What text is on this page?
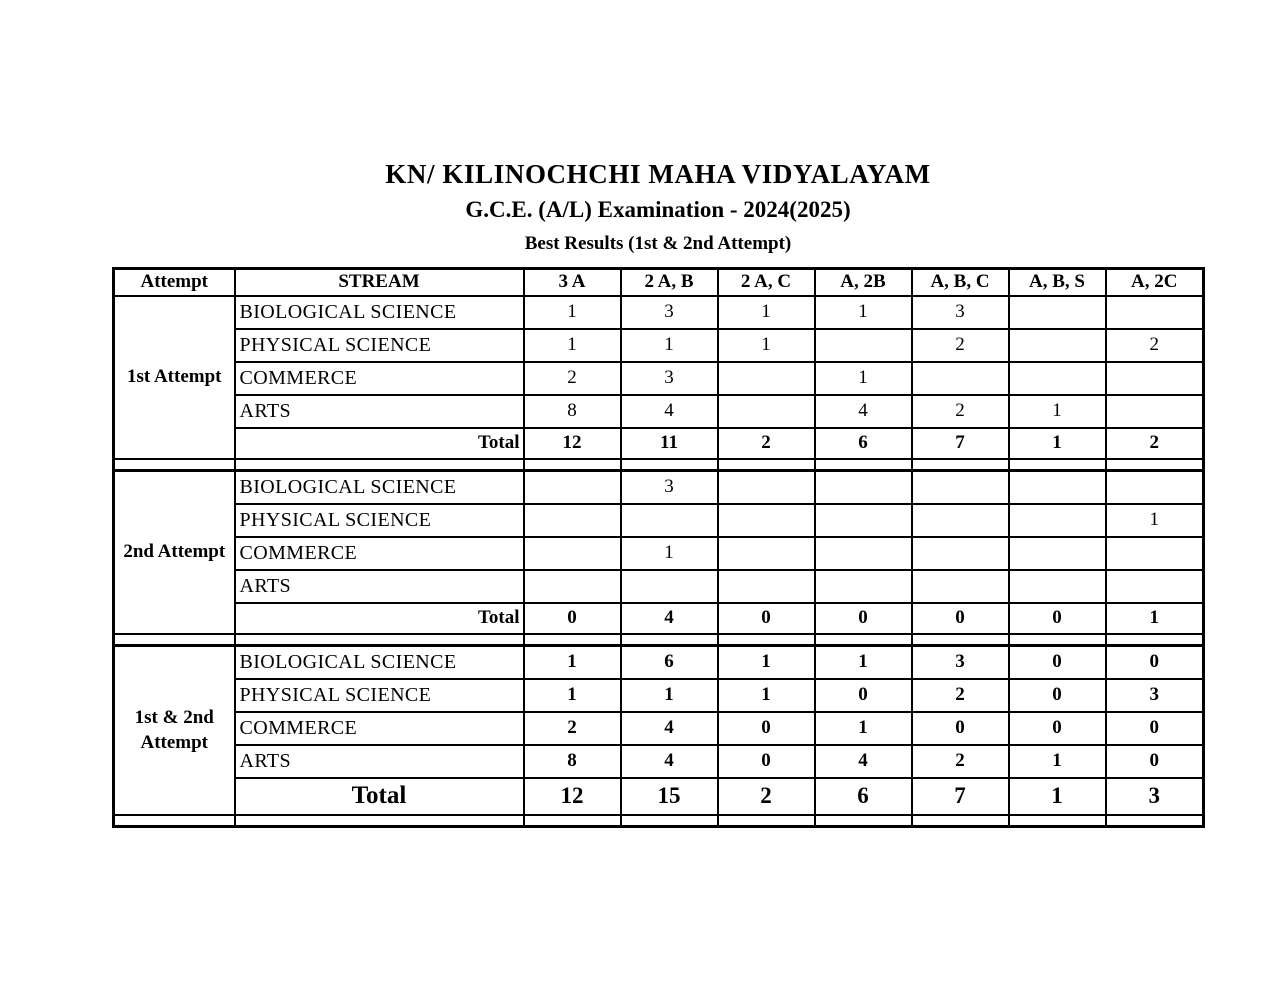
KN/ KILINOCHCHI MAHA VIDYALAYAM
G.C.E. (A/L) Examination - 2024(2025)
Best Results (1st & 2nd Attempt)
Attempt	STREAM	3 A	2 A, B	2 A, C	A, 2B	A, B, C	A, B, S	A, 2C
1st Attempt	BIOLOGICAL SCIENCE	1	3	1	1	3		
	PHYSICAL SCIENCE	1	1	1		2		2
	COMMERCE	2	3		1			
	ARTS	8	4		4	2	1	
	Total	12	11	2	6	7	1	2

2nd Attempt	BIOLOGICAL SCIENCE		3					
	PHYSICAL SCIENCE							1
	COMMERCE		1					
	ARTS							
	Total	0	4	0	0	0	0	1

1st & 2nd Attempt	BIOLOGICAL SCIENCE	1	6	1	1	3	0	0
	PHYSICAL SCIENCE	1	1	1	0	2	0	3
	COMMERCE	2	4	0	1	0	0	0
	ARTS	8	4	0	4	2	1	0
	Total	12	15	2	6	7	1	3
